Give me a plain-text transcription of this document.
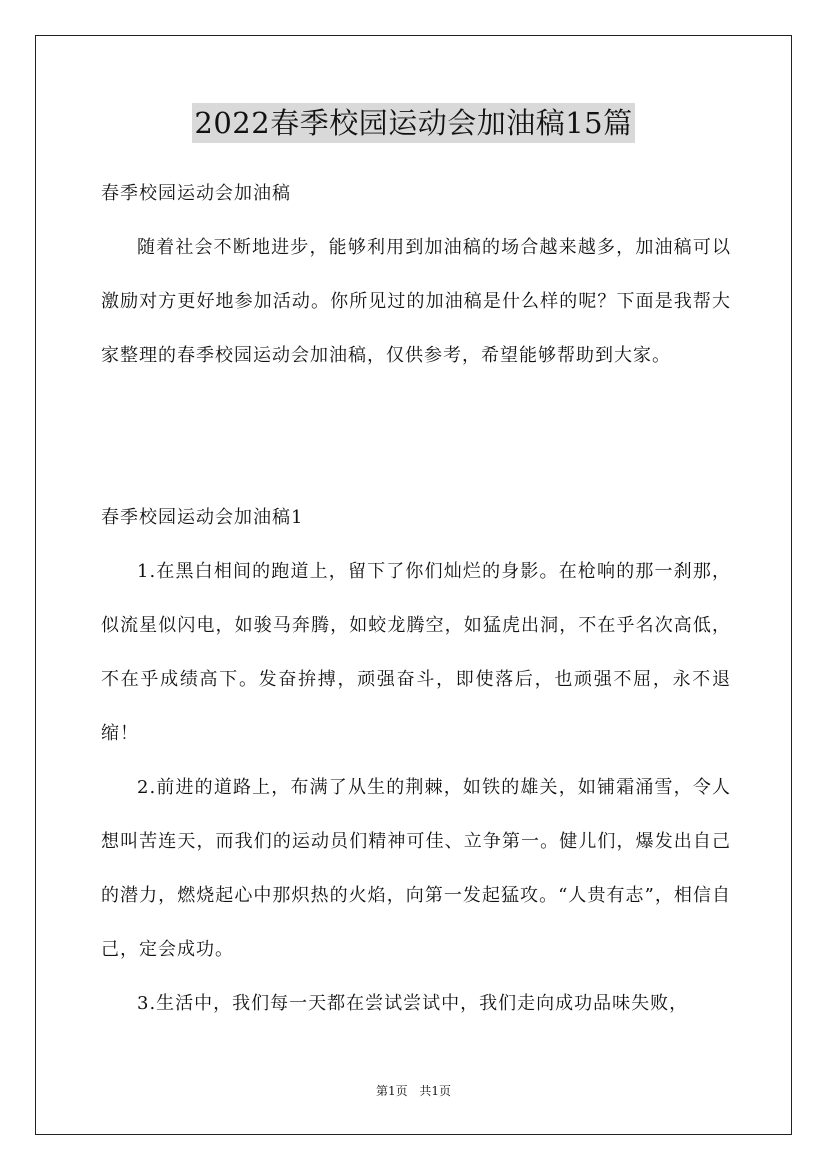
2022春季校园运动会加油稿15篇

春季校园运动会加油稿

随着社会不断地进步，能够利用到加油稿的场合越来越多，加油稿可以激励对方更好地参加活动。你所见过的加油稿是什么样的呢？下面是我帮大家整理的春季校园运动会加油稿，仅供参考，希望能够帮助到大家。

春季校园运动会加油稿1

1.在黑白相间的跑道上，留下了你们灿烂的身影。在枪响的那一刹那，似流星似闪电，如骏马奔腾，如蛟龙腾空，如猛虎出洞，不在乎名次高低，不在乎成绩高下。发奋拚搏，顽强奋斗，即使落后，也顽强不屈，永不退缩！

2.前进的道路上，布满了从生的荆棘，如铁的雄关，如铺霜涌雪，令人想叫苦连天，而我们的运动员们精神可佳、立争第一。健儿们，爆发出自己的潜力，燃烧起心中那炽热的火焰，向第一发起猛攻。“人贵有志”，相信自己，定会成功。

3.生活中，我们每一天都在尝试尝试中，我们走向成功品味失败，

第1页 共1页
